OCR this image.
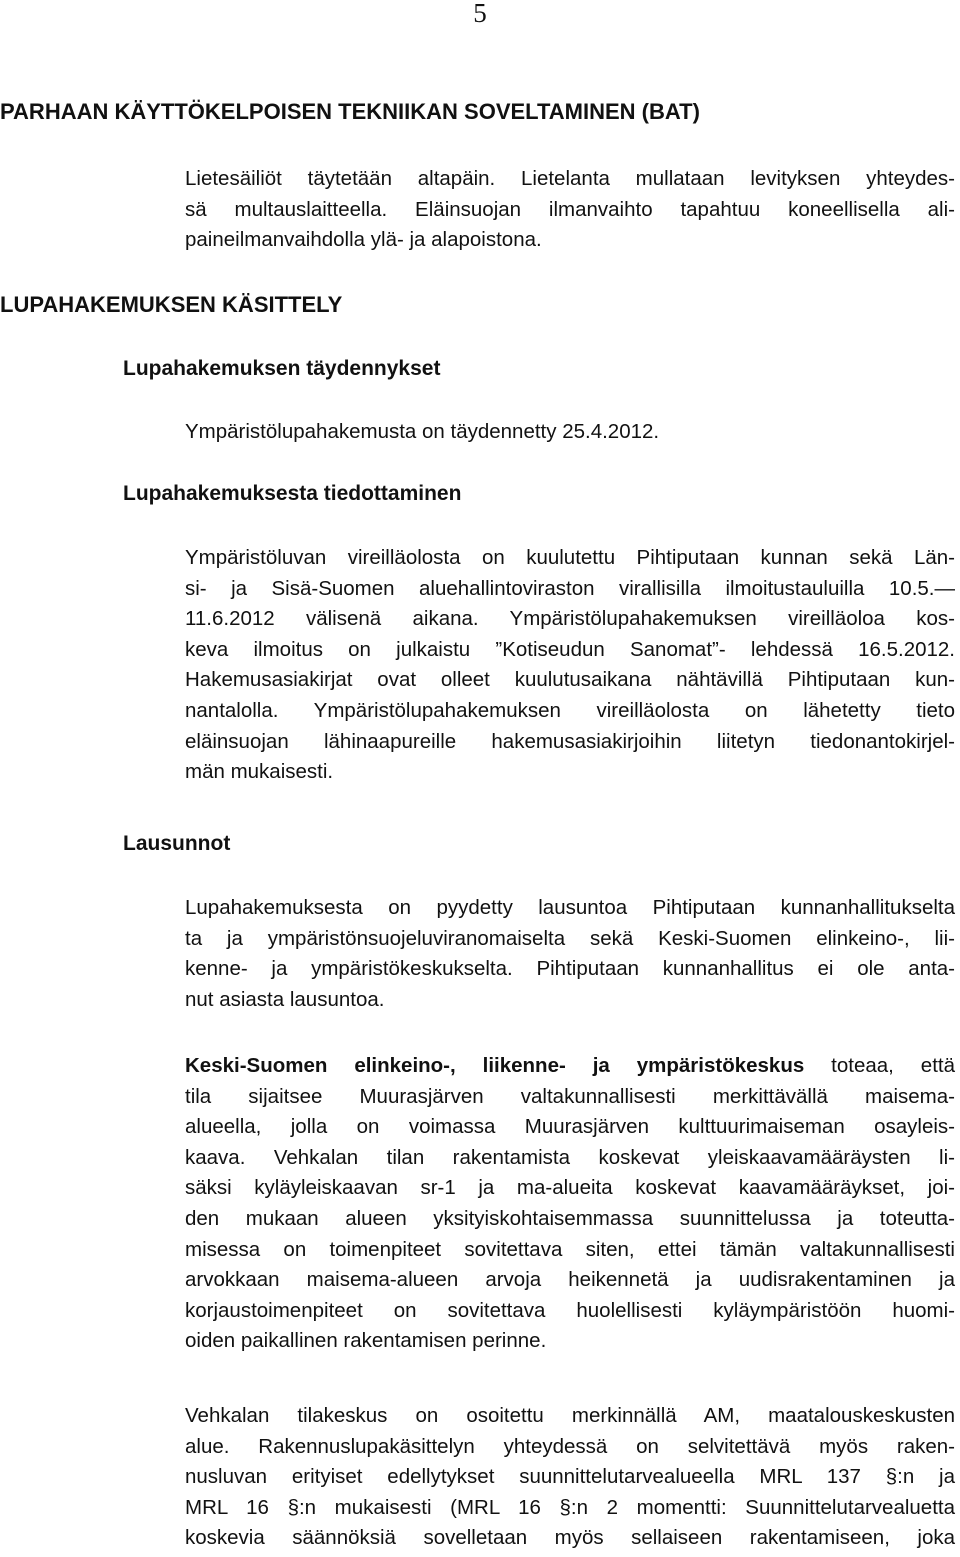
5
PARHAAN KÄYTTÖKELPOISEN TEKNIIKAN SOVELTAMINEN (BAT)
Lietesäiliöt täytetään altapäin. Lietelanta mullataan levityksen yhteydes-
sä multauslaitteella. Eläinsuojan ilmanvaihto tapahtuu koneellisella ali-
paineilmanvaihdolla ylä- ja alapoistona.
LUPAHAKEMUKSEN KÄSITTELY
Lupahakemuksen täydennykset
Ympäristölupahakemusta on täydennetty 25.4.2012.
Lupahakemuksesta tiedottaminen
Ympäristöluvan vireilläolosta on kuulutettu Pihtiputaan kunnan sekä Län-
si- ja Sisä-Suomen aluehallintoviraston virallisilla ilmoitustauluilla 10.5.—
11.6.2012 välisenä aikana. Ympäristölupahakemuksen vireilläoloa kos-
keva ilmoitus on julkaistu ”Kotiseudun Sanomat”- lehdessä 16.5.2012.
Hakemusasiakirjat ovat olleet kuulutusaikana nähtävillä Pihtiputaan kun-
nantalolla. Ympäristölupahakemuksen vireilläolosta on lähetetty tieto
eläinsuojan lähinaapureille hakemusasiakirjoihin liitetyn tiedonantokirjel-
män mukaisesti.
Lausunnot
Lupahakemuksesta on pyydetty lausuntoa Pihtiputaan kunnanhallitukselta
ta ja ympäristönsuojeluviranomaiselta sekä Keski-Suomen elinkeino-, lii-
kenne- ja ympäristökeskukselta. Pihtiputaan kunnanhallitus ei ole anta-
nut asiasta lausuntoa.
Keski-Suomen elinkeino-, liikenne- ja ympäristökeskus toteaa, että
tila sijaitsee Muurasjärven valtakunnallisesti merkittävällä maisema-
alueella, jolla on voimassa Muurasjärven kulttuurimaiseman osayleis-
kaava. Vehkalan tilan rakentamista koskevat yleiskaavamääräysten li-
säksi kyläyleiskaavan sr-1 ja ma-alueita koskevat kaavamääräykset, joi-
den mukaan alueen yksityiskohtaisemmassa suunnittelussa ja toteutta-
misessa on toimenpiteet sovitettava siten, ettei tämän valtakunnallisesti
arvokkaan maisema-alueen arvoja heikennetä ja uudisrakentaminen ja
korjaustoimenpiteet on sovitettava huolellisesti kyläympäristöön huomi-
oiden paikallinen rakentamisen perinne.
Vehkalan tilakeskus on osoitettu merkinnällä AM, maatalouskeskusten
alue. Rakennuslupakäsittelyn yhteydessä on selvitettävä myös raken-
nusluvan erityiset edellytykset suunnittelutarvealueella MRL 137 §:n ja
MRL 16 §:n mukaisesti (MRL 16 §:n 2 momentti: Suunnittelutarvealuetta
koskevia säännöksiä sovelletaan myös sellaiseen rakentamiseen, joka
